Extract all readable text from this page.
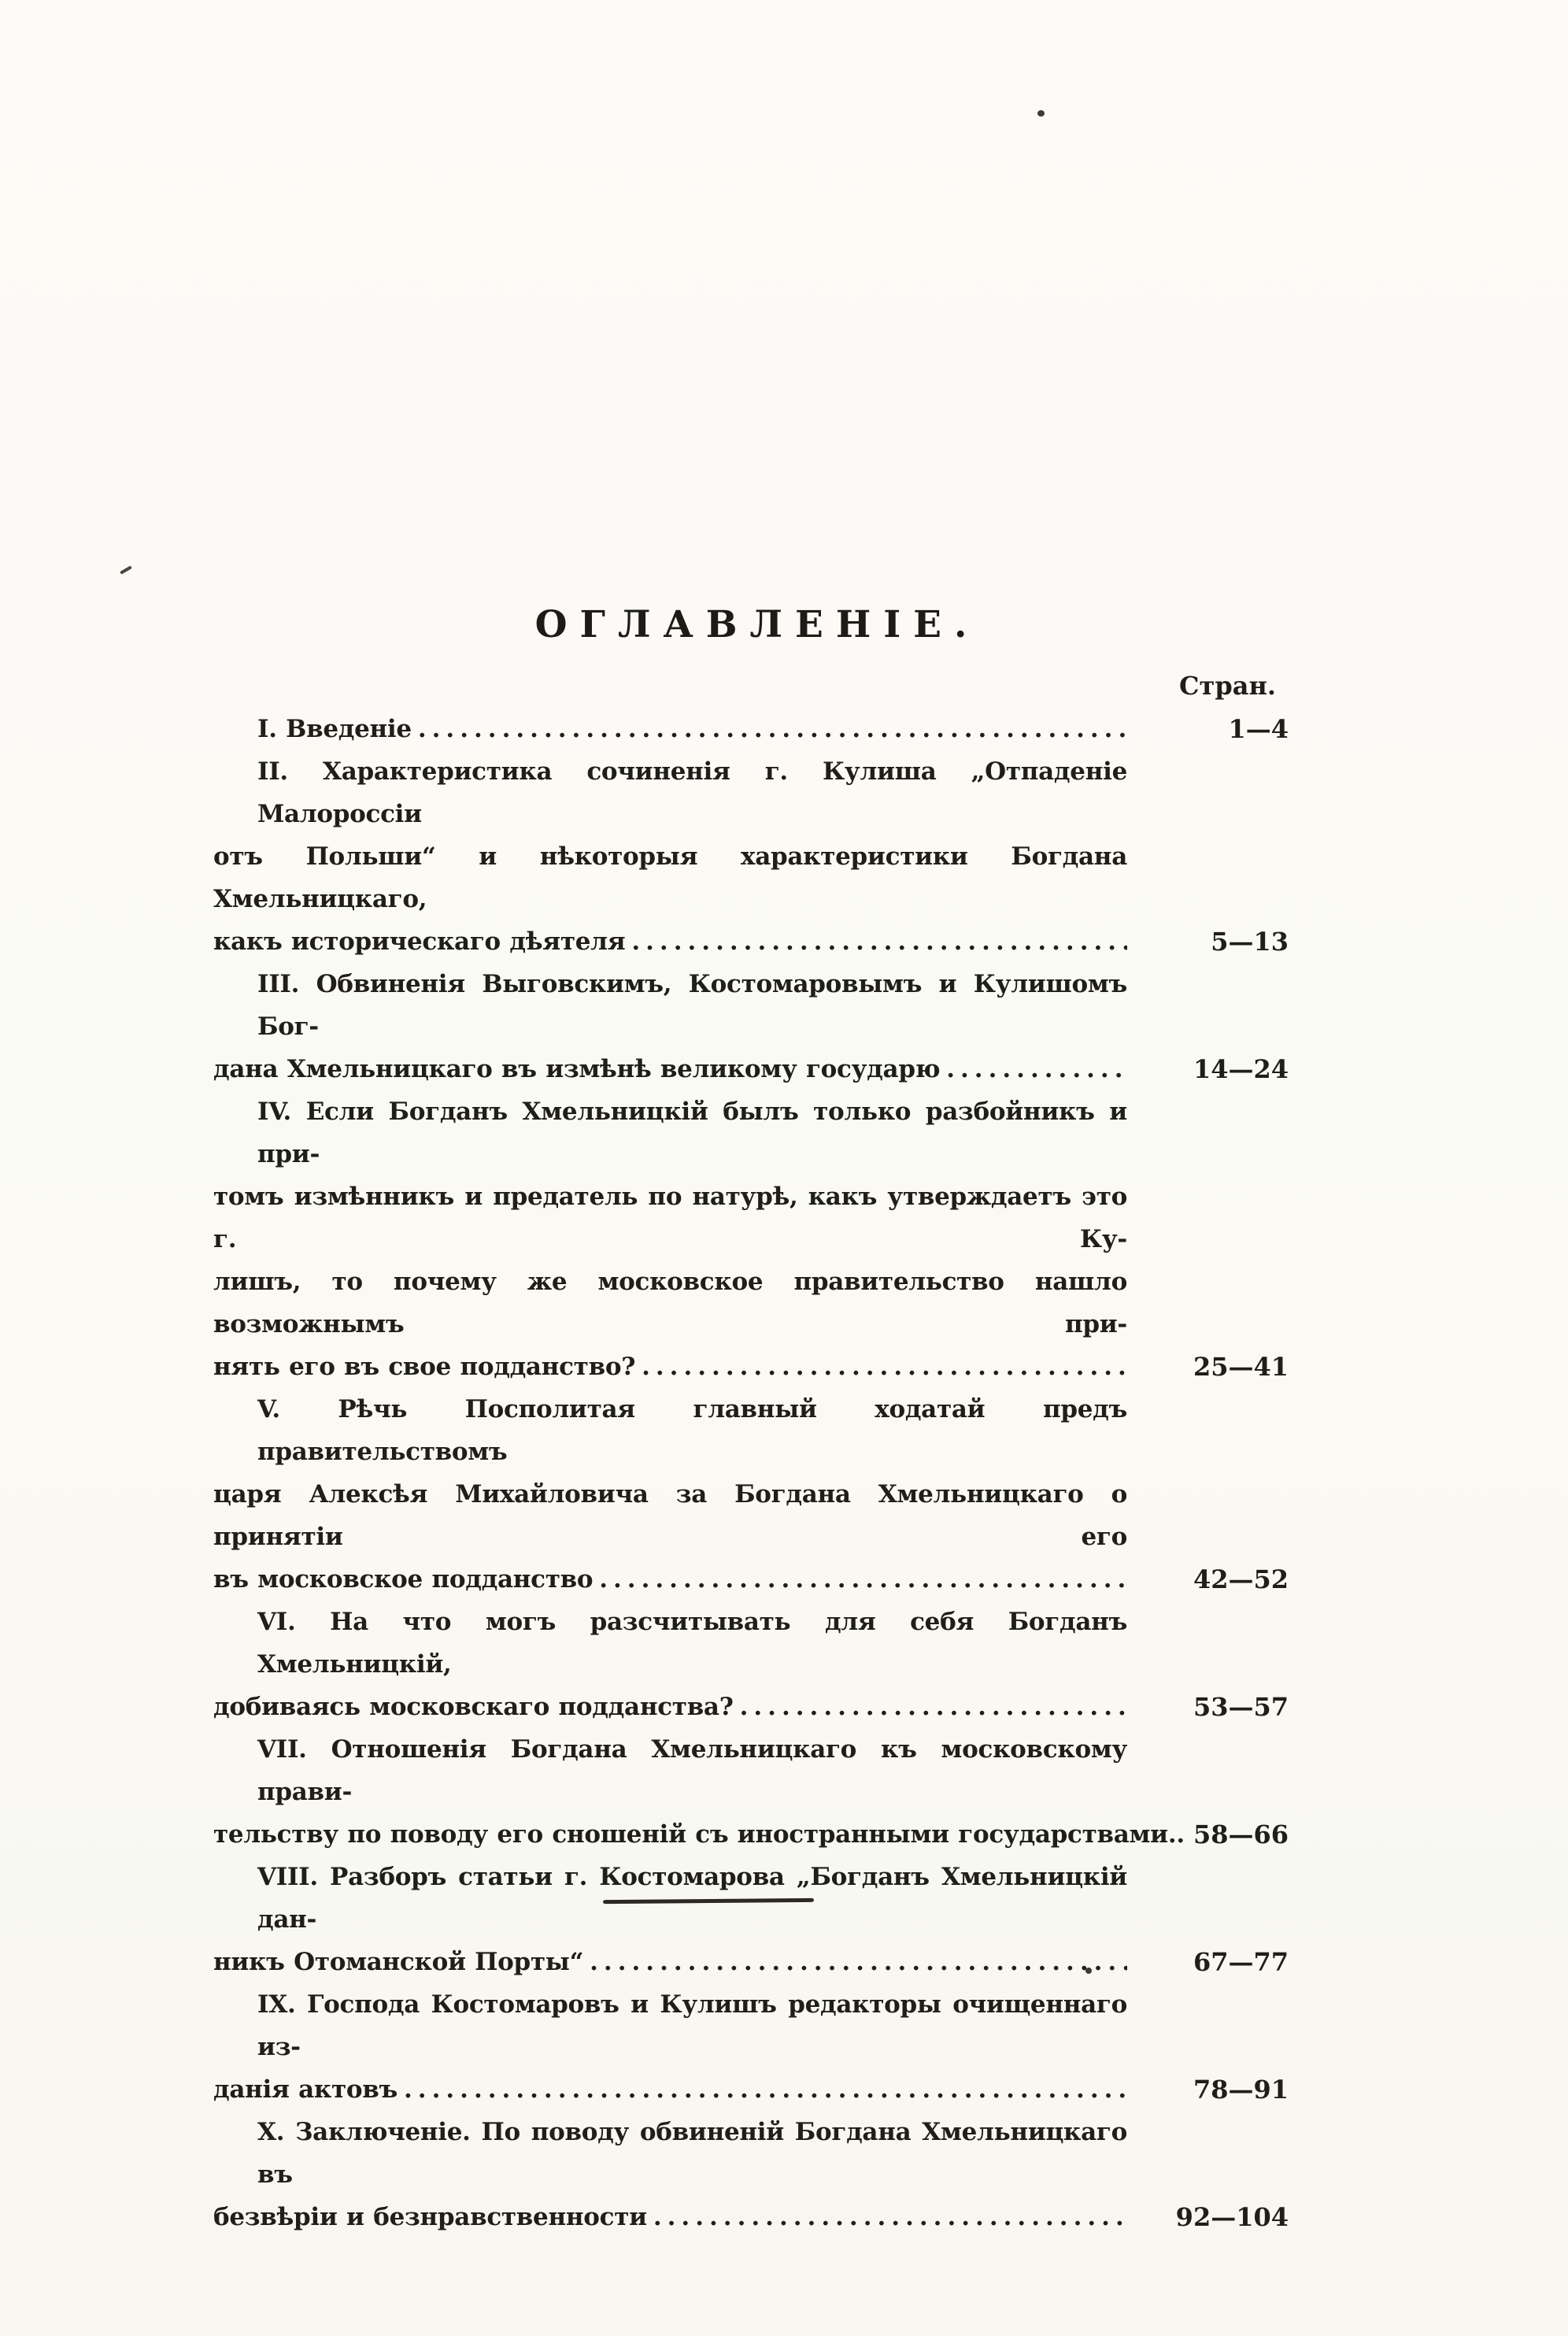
ОГЛАВЛЕНІЕ.
Стран.
I. Введеніе .....	1—4
II. Характеристика сочиненія г. Кулиша „Отпаденіе Малороссіи
отъ Польши“ и нѣкоторыя характеристики Богдана Хмельницкаго,
какъ историческаго дѣятеля .....	5—13
III. Обвиненія Выговскимъ, Костомаровымъ и Кулишомъ Бог-
дана Хмельницкаго въ измѣнѣ великому государю .....	14—24
IV. Если Богданъ Хмельницкій былъ только разбойникъ и при-
томъ измѣнникъ и предатель по натурѣ, какъ утверждаетъ это г. Ку-
лишъ, то почему же московское правительство нашло возможнымъ при-
нять его въ свое подданство? .....	25—41
V. Рѣчь Посполитая главный ходатай предъ правительствомъ
царя Алексѣя Михайловича за Богдана Хмельницкаго о принятіи его
въ московское подданство .....	42—52
VI. На что могъ разсчитывать для себя Богданъ Хмельницкій,
добиваясь московскаго подданства? .....	53—57
VII. Отношенія Богдана Хмельницкаго къ московскому прави-
тельству по поводу его сношеній съ иностранными государствами.. 58—66
VIII. Разборъ статьи г. Костомарова „Богданъ Хмельницкій дан-
никъ Отоманской Порты“ .....	67—77
IX. Господа Костомаровъ и Кулишъ редакторы очищеннаго из-
данія актовъ .....	78—91
X. Заключеніе. По поводу обвиненій Богдана Хмельницкаго въ
безвѣріи и безнравственности .....	92—104
